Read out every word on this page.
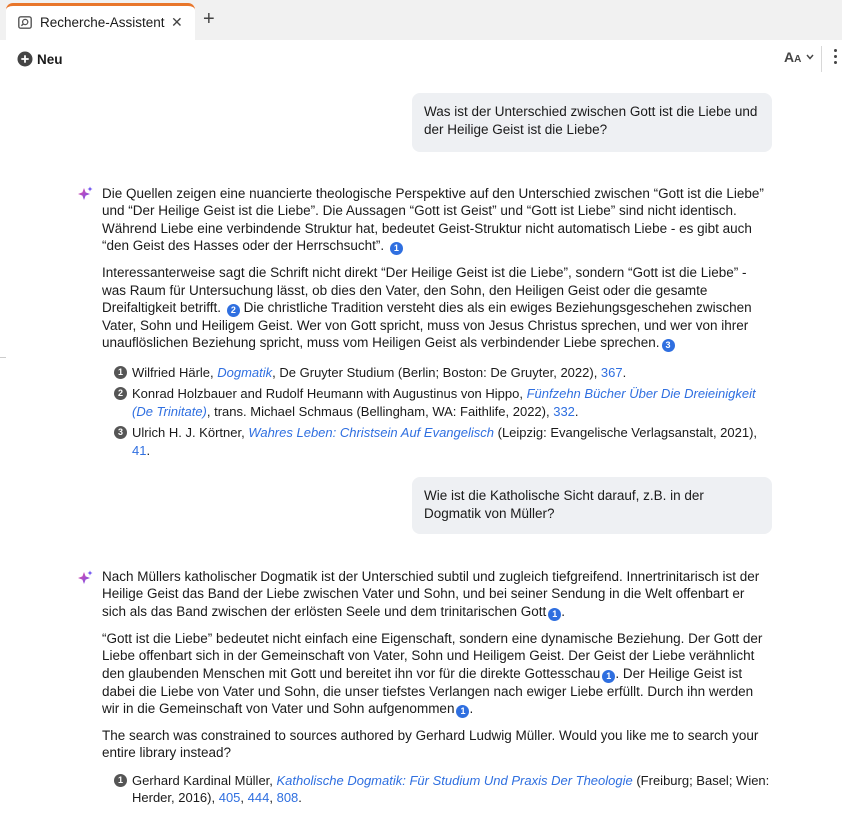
Recherche-Assistent ✕ +
Neu	AA
Was ist der Unterschied zwischen Gott ist die Liebe und der Heilige Geist ist die Liebe?

Die Quellen zeigen eine nuancierte theologische Perspektive auf den Unterschied zwischen “Gott ist die Liebe” und “Der Heilige Geist ist die Liebe”. Die Aussagen “Gott ist Geist” und “Gott ist Liebe” sind nicht identisch. Während Liebe eine verbindende Struktur hat, bedeutet Geist-Struktur nicht automatisch Liebe - es gibt auch “den Geist des Hasses oder der Herrschsucht”. 1

Interessanterweise sagt die Schrift nicht direkt “Der Heilige Geist ist die Liebe”, sondern “Gott ist die Liebe” - was Raum für Untersuchung lässt, ob dies den Vater, den Sohn, den Heiligen Geist oder die gesamte Dreifaltigkeit betrifft. 2 Die christliche Tradition versteht dies als ein ewiges Beziehungsgeschehen zwischen Vater, Sohn und Heiligem Geist. Wer von Gott spricht, muss von Jesus Christus sprechen, und wer von ihrer unauflöslichen Beziehung spricht, muss vom Heiligen Geist als verbindender Liebe sprechen. 3

1 Wilfried Härle, Dogmatik, De Gruyter Studium (Berlin; Boston: De Gruyter, 2022), 367.
2 Konrad Holzbauer and Rudolf Heumann with Augustinus von Hippo, Fünfzehn Bücher Über Die Dreieinigkeit (De Trinitate), trans. Michael Schmaus (Bellingham, WA: Faithlife, 2022), 332.
3 Ulrich H. J. Körtner, Wahres Leben: Christsein Auf Evangelisch (Leipzig: Evangelische Verlagsanstalt, 2021), 41.
Wie ist die Katholische Sicht darauf, z.B. in der Dogmatik von Müller?

Nach Müllers katholischer Dogmatik ist der Unterschied subtil und zugleich tiefgreifend. Innertrinitarisch ist der Heilige Geist das Band der Liebe zwischen Vater und Sohn, und bei seiner Sendung in die Welt offenbart er sich als das Band zwischen der erlösten Seele und dem trinitarischen Gott 1 .

“Gott ist die Liebe” bedeutet nicht einfach eine Eigenschaft, sondern eine dynamische Beziehung. Der Gott der Liebe offenbart sich in der Gemeinschaft von Vater, Sohn und Heiligem Geist. Der Geist der Liebe verähnlicht den glaubenden Menschen mit Gott und bereitet ihn vor für die direkte Gottesschau 1 . Der Heilige Geist ist dabei die Liebe von Vater und Sohn, die unser tiefstes Verlangen nach ewiger Liebe erfüllt. Durch ihn werden wir in die Gemeinschaft von Vater und Sohn aufgenommen 1 .

The search was constrained to sources authored by Gerhard Ludwig Müller. Would you like me to search your entire library instead?

1 Gerhard Kardinal Müller, Katholische Dogmatik: Für Studium Und Praxis Der Theologie (Freiburg; Basel; Wien: Herder, 2016), 405, 444, 808.
